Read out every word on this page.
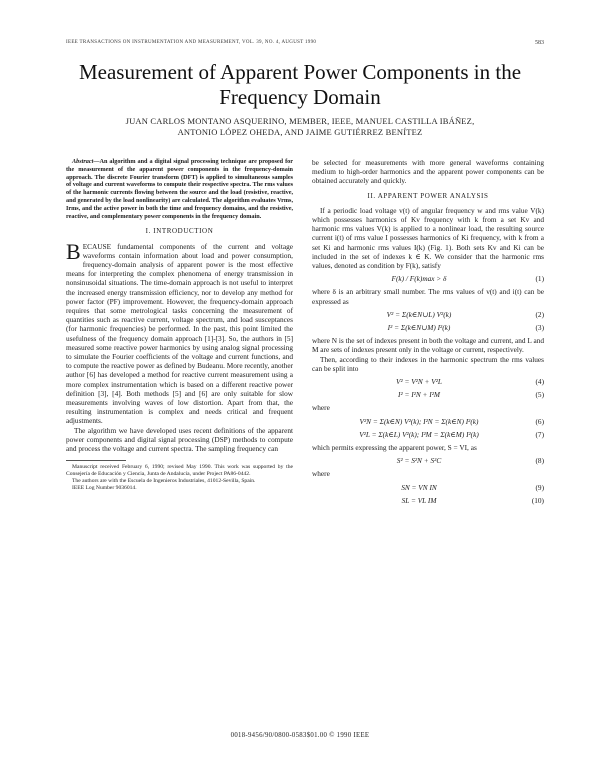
IEEE TRANSACTIONS ON INSTRUMENTATION AND MEASUREMENT, VOL. 39, NO. 4, AUGUST 1990	583
Measurement of Apparent Power Components in the
Frequency Domain
JUAN CARLOS MONTANO ASQUERINO, MEMBER, IEEE, MANUEL CASTILLA IBÁÑEZ,
ANTONIO LÓPEZ OHEDA, AND JAIME GUTIÉRREZ BENÍTEZ

Abstract—An algorithm and a digital signal processing technique are proposed for the measurement of the apparent power components in the frequency-domain approach. The discrete Fourier transform (DFT) is applied to simultaneous samples of voltage and current waveforms to compute their respective spectra. The rms values of the harmonic currents flowing between the source and the load (resistive, reactive, and generated by the load nonlinearity) are calculated. The algorithm evaluates Vrms, Irms, and the active power in both the time and frequency domains, and the resistive, reactive, and complementary power components in the frequency domain.

I. INTRODUCTION

BECAUSE fundamental components of the current and voltage waveforms contain information about load and power consumption, frequency-domain analysis of apparent power is the most effective means for interpreting the complex phenomena of energy transmission in nonsinusoidal situations. The time-domain approach is not useful to interpret the increased energy transmission efficiency, nor to develop any method for power factor (PF) improvement. However, the frequency-domain approach requires that some metrological tasks concerning the measurement of quantities such as reactive current, voltage spectrum, and load susceptances (for harmonic frequencies) be performed. In the past, this point limited the usefulness of the frequency domain approach [1]-[3]. So, the authors in [5] measured some reactive power harmonics by using analog signal processing to simulate the Fourier coefficients of the voltage and current functions, and to compute the reactive power as defined by Budeanu. More recently, another author [6] has developed a method for reactive current measurement using a more complex instrumentation which is based on a different reactive power definition [3], [4]. Both methods [5] and [6] are only suitable for slow measurements involving waves of low distortion. Apart from that, the resulting instrumentation is complex and needs critical and frequent adjustments.

The algorithm we have developed uses recent definitions of the apparent power components and digital signal processing (DSP) methods to compute and process the voltage and current spectra. The sampling frequency can

Manuscript received February 6, 1990; revised May 1990. This work was supported by the Consejería de Educación y Ciencia, Junta de Andalucía, under Project PA86-0442.

The authors are with the Escuela de Ingenieros Industriales, 41012-Sevilla, Spain.

IEEE Log Number 9036014.

be selected for measurements with more general waveforms containing medium to high-order harmonics and the apparent power components can be obtained accurately and quickly.

II. APPARENT POWER ANALYSIS

If a periodic load voltage v(t) of angular frequency w and rms value V(k) which possesses harmonics of Kv frequency with k from a set Kv and harmonic rms values V(k) is applied to a nonlinear load, the resulting source current i(t) of rms value I possesses harmonics of Ki frequency, with k from a set Ki and harmonic rms values I(k) (Fig. 1). Both sets Kv and Ki can be included in the set of indexes k ∈ K. We consider that the harmonic rms values, denoted as condition by F(k), satisfy

F(k) / F(k)max > δ	(1)

where δ is an arbitrary small number. The rms values of v(t) and i(t) can be expressed as

V² = Σ(k∈N∪L) V²(k)	(2)
I² = Σ(k∈N∪M) I²(k)	(3)

where N is the set of indexes present in both the voltage and current, and L and M are sets of indexes present only in the voltage or current, respectively.

Then, according to their indexes in the harmonic spectrum the rms values can be split into

V² = V²N + V²L	(4)
I² = I²N + I²M	(5)

where

V²N = Σ(k∈N) V²(k); I²N = Σ(k∈N) I²(k)	(6)
V²L = Σ(k∈L) V²(k); I²M = Σ(k∈M) I²(k)	(7)

which permits expressing the apparent power, S = VI, as

S² = S²N + S²C	(8)

where

SN = VN IN	(9)
SL = VL IM	(10)
0018-9456/90/0800-0583$01.00 © 1990 IEEE
